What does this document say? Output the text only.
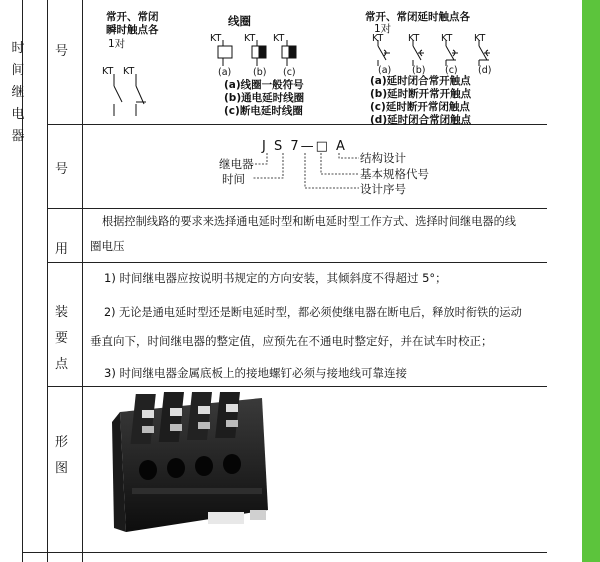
时间继电器
号
号
用
装要点
形图
常开、常闭
瞬时触点各
1对
KT KT
线圈
KT KT KT
(a) (b) (c)
(a)线圈一般符号
(b)通电延时线圈
(c)断电延时线圈
常开、常闭延时触点各
1对
KT	KT KT KT
(a) (b) (c) (d)
(a)延时闭合常开触点
(b)延时断开常开触点
(c)延时断开常闭触点
(d)延时闭合常闭触点
J S 7—□ A
继电器
时间
结构设计
基本规格代号
设计序号
根据控制线路的要求来选择通电延时型和断电延时型工作方式、选择时间继电器的线
圈电压
1) 时间继电器应按说明书规定的方向安装，其倾斜度不得超过 5°；
2) 无论是通电延时型还是断电延时型，都必须使继电器在断电后，释放时衔铁的运动
垂直向下，时间继电器的整定值，应预先在不通电时整定好，并在试车时校正；
3) 时间继电器金属底板上的接地螺钉必须与接地线可靠连接
